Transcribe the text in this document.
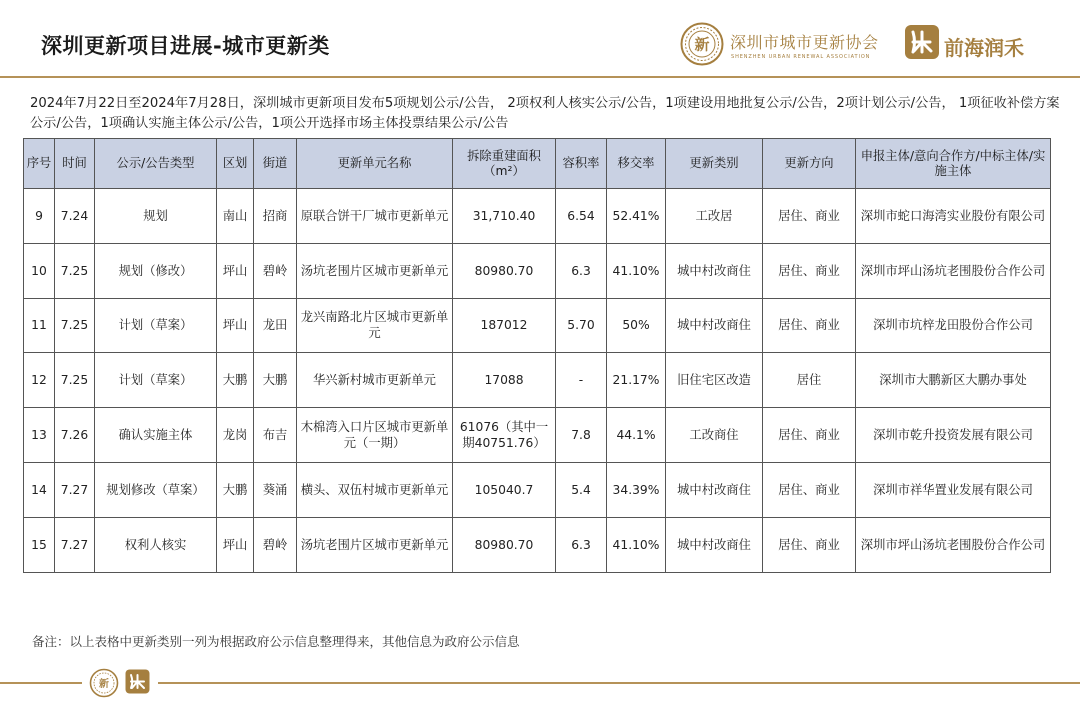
深圳更新项目进展-城市更新类	新 深圳市城市更新协会
SHENZHEN URBAN RENEWAL ASSOCIATION	前海润禾
2024年7月22日至2024年7月28日，深圳城市更新项目发布5项规划公示/公告， 2项权利人核实公示/公告，1项建设用地批复公示/公告，2项计划公示/公告， 1项征收补偿方案公示/公告，1项确认实施主体公示/公告，1项公开选择市场主体投票结果公示/公告
序号	时间	公示/公告类型	区划	街道	更新单元名称	拆除重建面积（m²）	容积率	移交率	更新类别	更新方向	申报主体/意向合作方/中标主体/实施主体
9	7.24	规划	南山	招商	原联合饼干厂城市更新单元	31,710.40	6.54	52.41%	工改居	居住、商业	深圳市蛇口海湾实业股份有限公司
10	7.25	规划（修改）	坪山	碧岭	汤坑老围片区城市更新单元	80980.70	6.3	41.10%	城中村改商住	居住、商业	深圳市坪山汤坑老围股份合作公司
11	7.25	计划（草案）	坪山	龙田	龙兴南路北片区城市更新单元	187012	5.70	50%	城中村改商住	居住、商业	深圳市坑梓龙田股份合作公司
12	7.25	计划（草案）	大鹏	大鹏	华兴新村城市更新单元	17088	-	21.17%	旧住宅区改造	居住	深圳市大鹏新区大鹏办事处
13	7.26	确认实施主体	龙岗	布吉	木棉湾入口片区城市更新单元（一期）	61076（其中一期40751.76）	7.8	44.1%	工改商住	居住、商业	深圳市乾升投资发展有限公司
14	7.27	规划修改（草案）	大鹏	葵涌	横头、双伍村城市更新单元	105040.7	5.4	34.39%	城中村改商住	居住、商业	深圳市祥华置业发展有限公司
15	7.27	权利人核实	坪山	碧岭	汤坑老围片区城市更新单元	80980.70	6.3	41.10%	城中村改商住	居住、商业	深圳市坪山汤坑老围股份合作公司
备注：以上表格中更新类别一列为根据政府公示信息整理得来，其他信息为政府公示信息
新
